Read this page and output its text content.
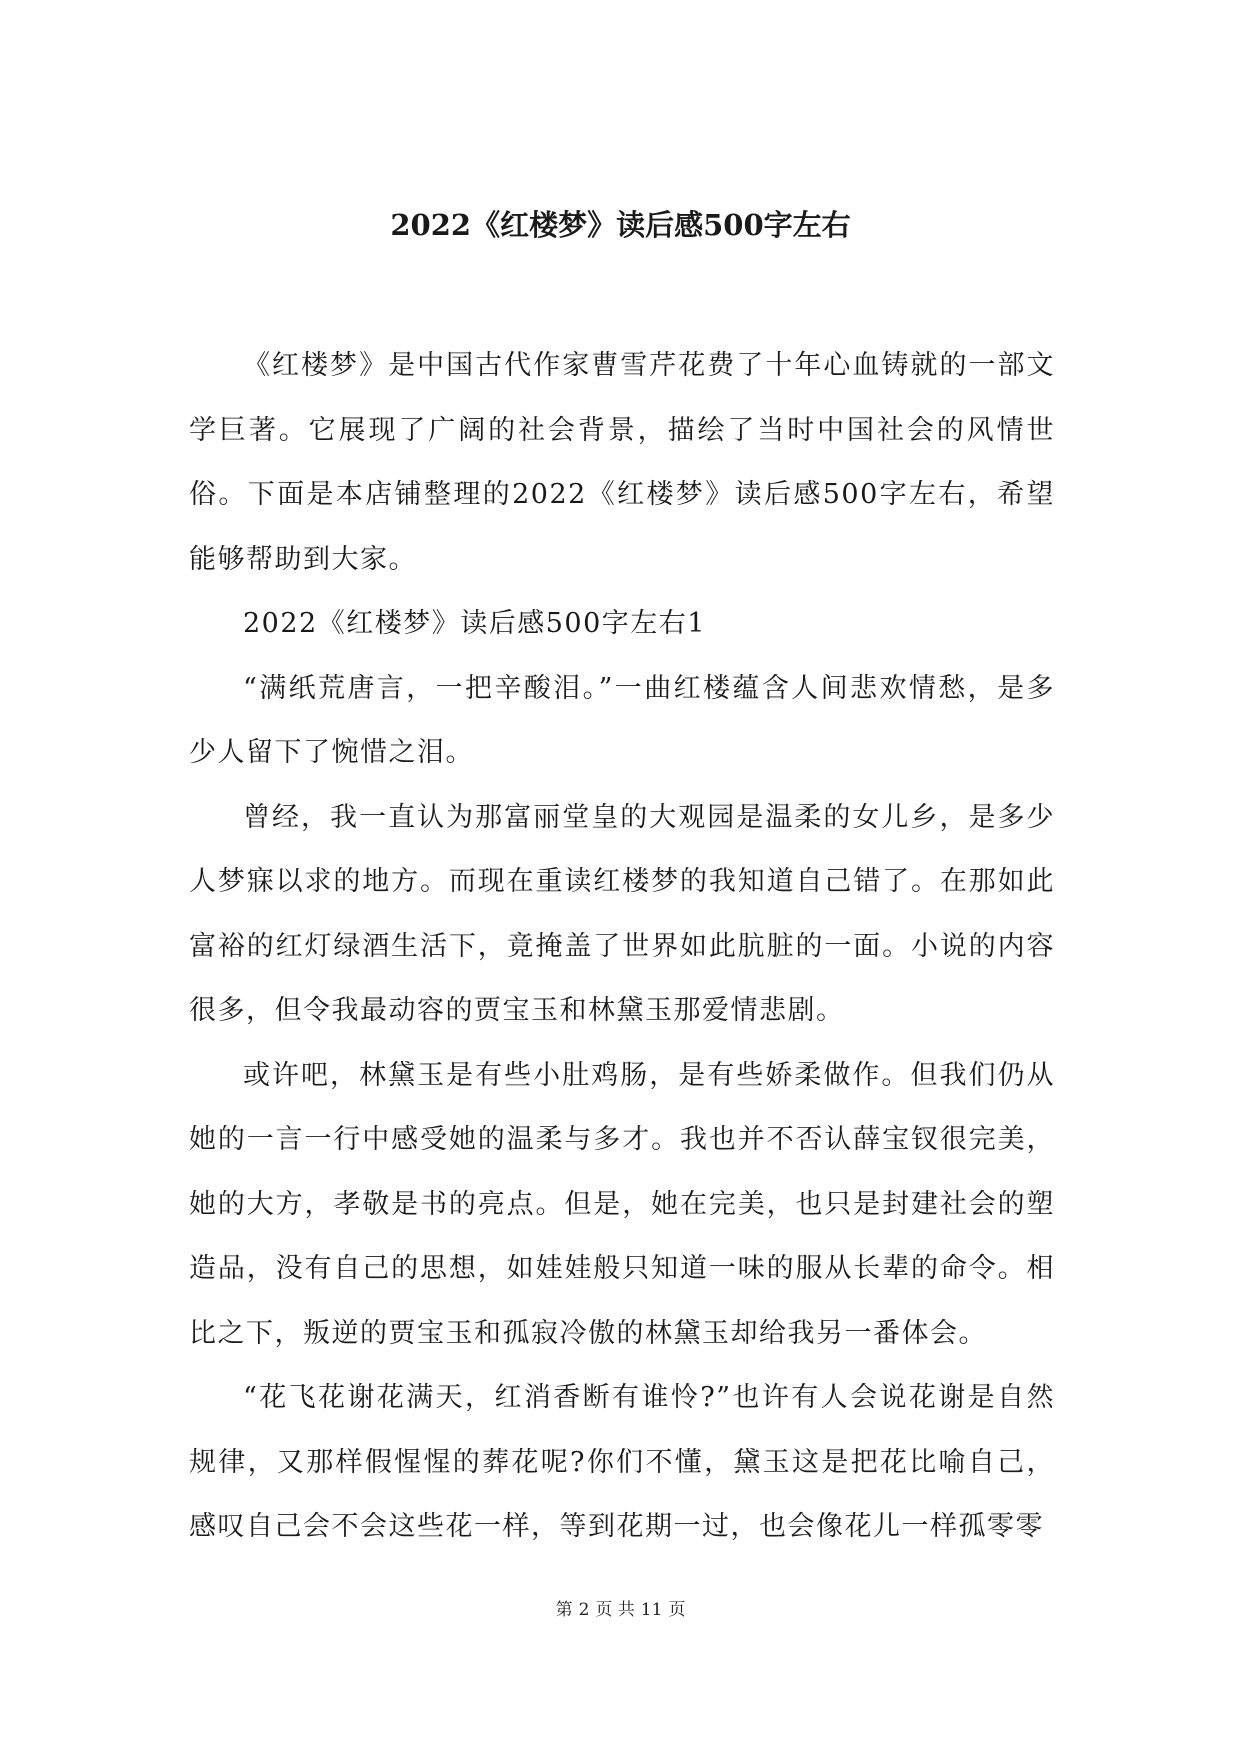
2022《红楼梦》读后感500字左右

《红楼梦》是中国古代作家曹雪芹花费了十年心血铸就的一部文学巨著。它展现了广阔的社会背景，描绘了当时中国社会的风情世俗。下面是本店铺整理的2022《红楼梦》读后感500字左右，希望能够帮助到大家。

2022《红楼梦》读后感500字左右1

“满纸荒唐言，一把辛酸泪。”一曲红楼蕴含人间悲欢情愁，是多少人留下了惋惜之泪。

曾经，我一直认为那富丽堂皇的大观园是温柔的女儿乡，是多少人梦寐以求的地方。而现在重读红楼梦的我知道自己错了。在那如此富裕的红灯绿酒生活下，竟掩盖了世界如此肮脏的一面。小说的内容很多，但令我最动容的贾宝玉和林黛玉那爱情悲剧。

或许吧，林黛玉是有些小肚鸡肠，是有些娇柔做作。但我们仍从她的一言一行中感受她的温柔与多才。我也并不否认薛宝钗很完美，她的大方，孝敬是书的亮点。但是，她在完美，也只是封建社会的塑造品，没有自己的思想，如娃娃般只知道一味的服从长辈的命令。相比之下，叛逆的贾宝玉和孤寂冷傲的林黛玉却给我另一番体会。

“花飞花谢花满天，红消香断有谁怜?”也许有人会说花谢是自然规律，又那样假惺惺的葬花呢?你们不懂，黛玉这是把花比喻自己，感叹自己会不会这些花一样，等到花期一过，也会像花儿一样孤零零

第 2 页 共 11 页
